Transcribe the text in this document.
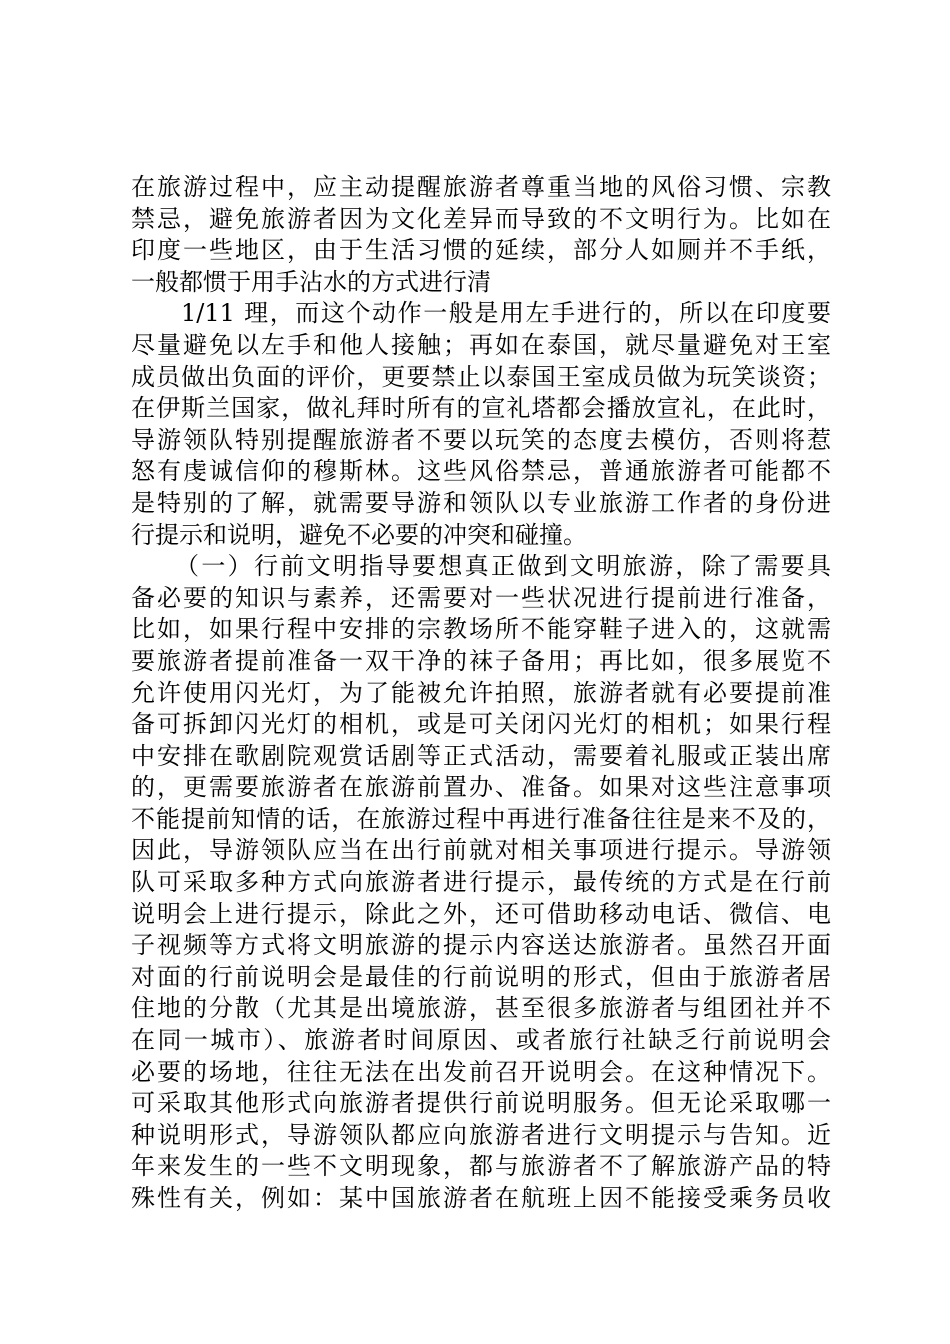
在旅游过程中，应主动提醒旅游者尊重当地的风俗习惯、宗教
禁忌，避免旅游者因为文化差异而导致的不文明行为。比如在
印度一些地区，由于生活习惯的延续，部分人如厕并不手纸，
一般都惯于用手沾水的方式进行清
1/11 理，而这个动作一般是用左手进行的，所以在印度要
尽量避免以左手和他人接触；再如在泰国，就尽量避免对王室
成员做出负面的评价，更要禁止以泰国王室成员做为玩笑谈资；
在伊斯兰国家，做礼拜时所有的宣礼塔都会播放宣礼，在此时，
导游领队特别提醒旅游者不要以玩笑的态度去模仿，否则将惹
怒有虔诚信仰的穆斯林。这些风俗禁忌，普通旅游者可能都不
是特别的了解，就需要导游和领队以专业旅游工作者的身份进
行提示和说明，避免不必要的冲突和碰撞。
（一）行前文明指导要想真正做到文明旅游，除了需要具
备必要的知识与素养，还需要对一些状况进行提前进行准备，
比如，如果行程中安排的宗教场所不能穿鞋子进入的，这就需
要旅游者提前准备一双干净的袜子备用；再比如，很多展览不
允许使用闪光灯，为了能被允许拍照，旅游者就有必要提前准
备可拆卸闪光灯的相机，或是可关闭闪光灯的相机；如果行程
中安排在歌剧院观赏话剧等正式活动，需要着礼服或正装出席
的，更需要旅游者在旅游前置办、准备。如果对这些注意事项
不能提前知情的话，在旅游过程中再进行准备往往是来不及的，
因此，导游领队应当在出行前就对相关事项进行提示。导游领
队可采取多种方式向旅游者进行提示，最传统的方式是在行前
说明会上进行提示，除此之外，还可借助移动电话、微信、电
子视频等方式将文明旅游的提示内容送达旅游者。虽然召开面
对面的行前说明会是最佳的行前说明的形式，但由于旅游者居
住地的分散（尤其是出境旅游，甚至很多旅游者与组团社并不
在同一城市）、旅游者时间原因、或者旅行社缺乏行前说明会
必要的场地，往往无法在出发前召开说明会。在这种情况下。
可采取其他形式向旅游者提供行前说明服务。但无论采取哪一
种说明形式，导游领队都应向旅游者进行文明提示与告知。近
年来发生的一些不文明现象，都与旅游者不了解旅游产品的特
殊性有关，例如：某中国旅游者在航班上因不能接受乘务员收
